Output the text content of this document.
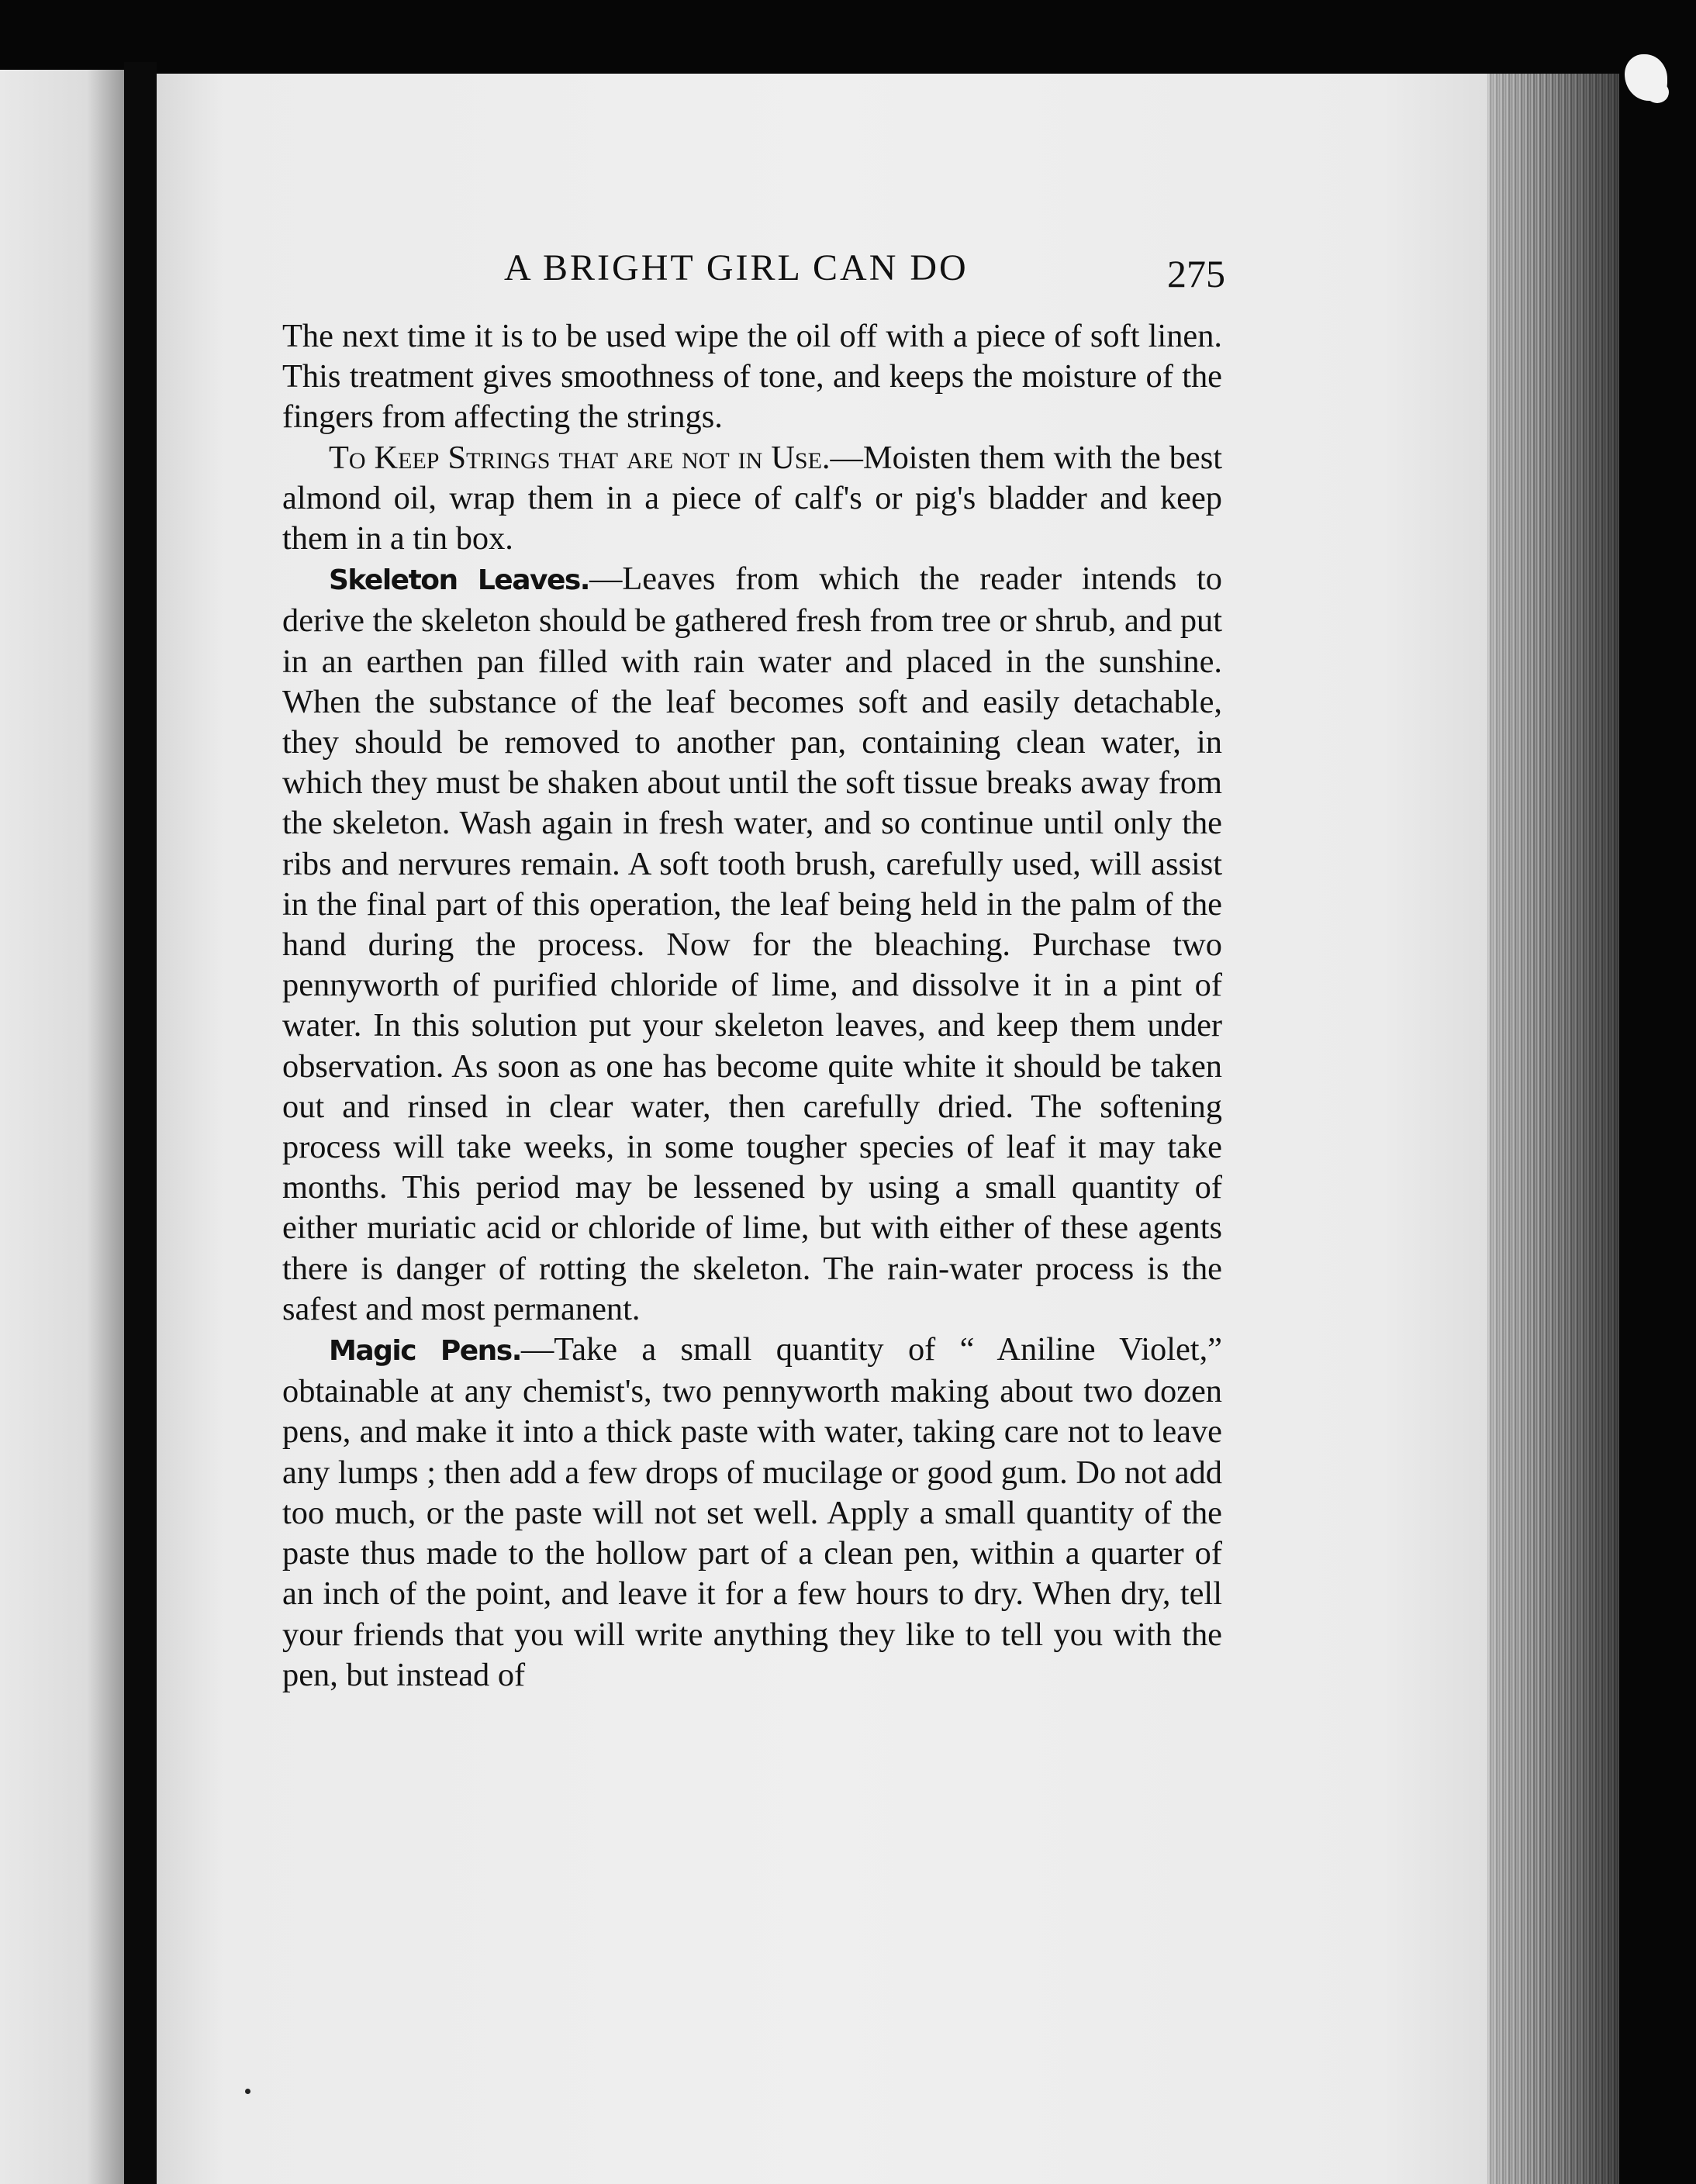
A BRIGHT GIRL CAN DO	275

The next time it is to be used wipe the oil off with a piece of soft linen. This treatment gives smoothness of tone, and keeps the moisture of the fingers from affecting the strings.

To Keep Strings that are not in Use.—Moisten them with the best almond oil, wrap them in a piece of calf's or pig's bladder and keep them in a tin box.

Skeleton Leaves.—Leaves from which the reader intends to derive the skeleton should be gathered fresh from tree or shrub, and put in an earthen pan filled with rain water and placed in the sunshine. When the substance of the leaf becomes soft and easily detachable, they should be removed to another pan, containing clean water, in which they must be shaken about until the soft tissue breaks away from the skeleton. Wash again in fresh water, and so continue until only the ribs and nervures remain. A soft tooth brush, carefully used, will assist in the final part of this operation, the leaf being held in the palm of the hand during the process. Now for the bleaching. Purchase two pennyworth of purified chloride of lime, and dissolve it in a pint of water. In this solution put your skeleton leaves, and keep them under observation. As soon as one has become quite white it should be taken out and rinsed in clear water, then carefully dried. The softening process will take weeks, in some tougher species of leaf it may take months. This period may be lessened by using a small quantity of either muriatic acid or chloride of lime, but with either of these agents there is danger of rotting the skeleton. The rain-water process is the safest and most permanent.

Magic Pens.—Take a small quantity of “ Aniline Violet,” obtainable at any chemist's, two pennyworth making about two dozen pens, and make it into a thick paste with water, taking care not to leave any lumps ; then add a few drops of mucilage or good gum. Do not add too much, or the paste will not set well. Apply a small quantity of the paste thus made to the hollow part of a clean pen, within a quarter of an inch of the point, and leave it for a few hours to dry. When dry, tell your friends that you will write anything they like to tell you with the pen, but instead of
